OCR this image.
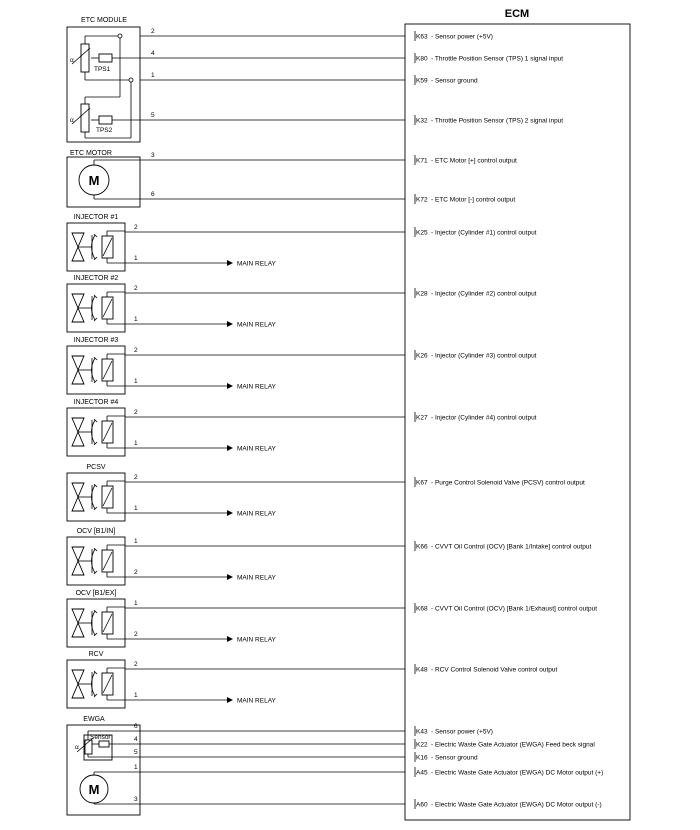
ECM
ETC MODULE
α
TPS1
α
TPS2
ETC MOTOR
M
2
K63 - Sensor power (+5V)
4
K80 - Throttle Position Sensor (TPS) 1 signal input
1
K59 - Sensor ground
5
K32 - Throttle Position Sensor (TPS) 2 signal input
3
K71 - ETC Motor [+] control output
6
K72 - ETC Motor [-] control output
INJECTOR #1
2
K25 - Injector (Cylinder #1) control output
1
MAIN RELAY
INJECTOR #2
2
K28 - Injector (Cylinder #2) control output
1
MAIN RELAY
INJECTOR #3
2
K26 - Injector (Cylinder #3) control output
1
MAIN RELAY
INJECTOR #4
2
K27 - Injector (Cylinder #4) control output
1
MAIN RELAY
PCSV
2
K67 - Purge Control Solenoid Valve (PCSV) control output
1
MAIN RELAY
OCV [B1/IN]
1
K66 - CVVT Oil Control (OCV) [Bank 1/Intake] control output
2
MAIN RELAY
OCV [B1/EX]
1
K68 - CVVT Oil Control (OCV) [Bank 1/Exhaust] control output
2
MAIN RELAY
RCV
2
K48 - RCV Control Solenoid Valve control output
1
MAIN RELAY
EWGA
Sensor
α
M
6
K43 - Sensor power (+5V)
4
K22 - Electric Waste Gate Actuator (EWGA) Feed beck signal
5
K16 - Sensor ground
1
A45 - Electric Waste Gate Actuator (EWGA) DC Motor output (+)
3
A60 - Electric Waste Gate Actuator (EWGA) DC Motor output (-)
